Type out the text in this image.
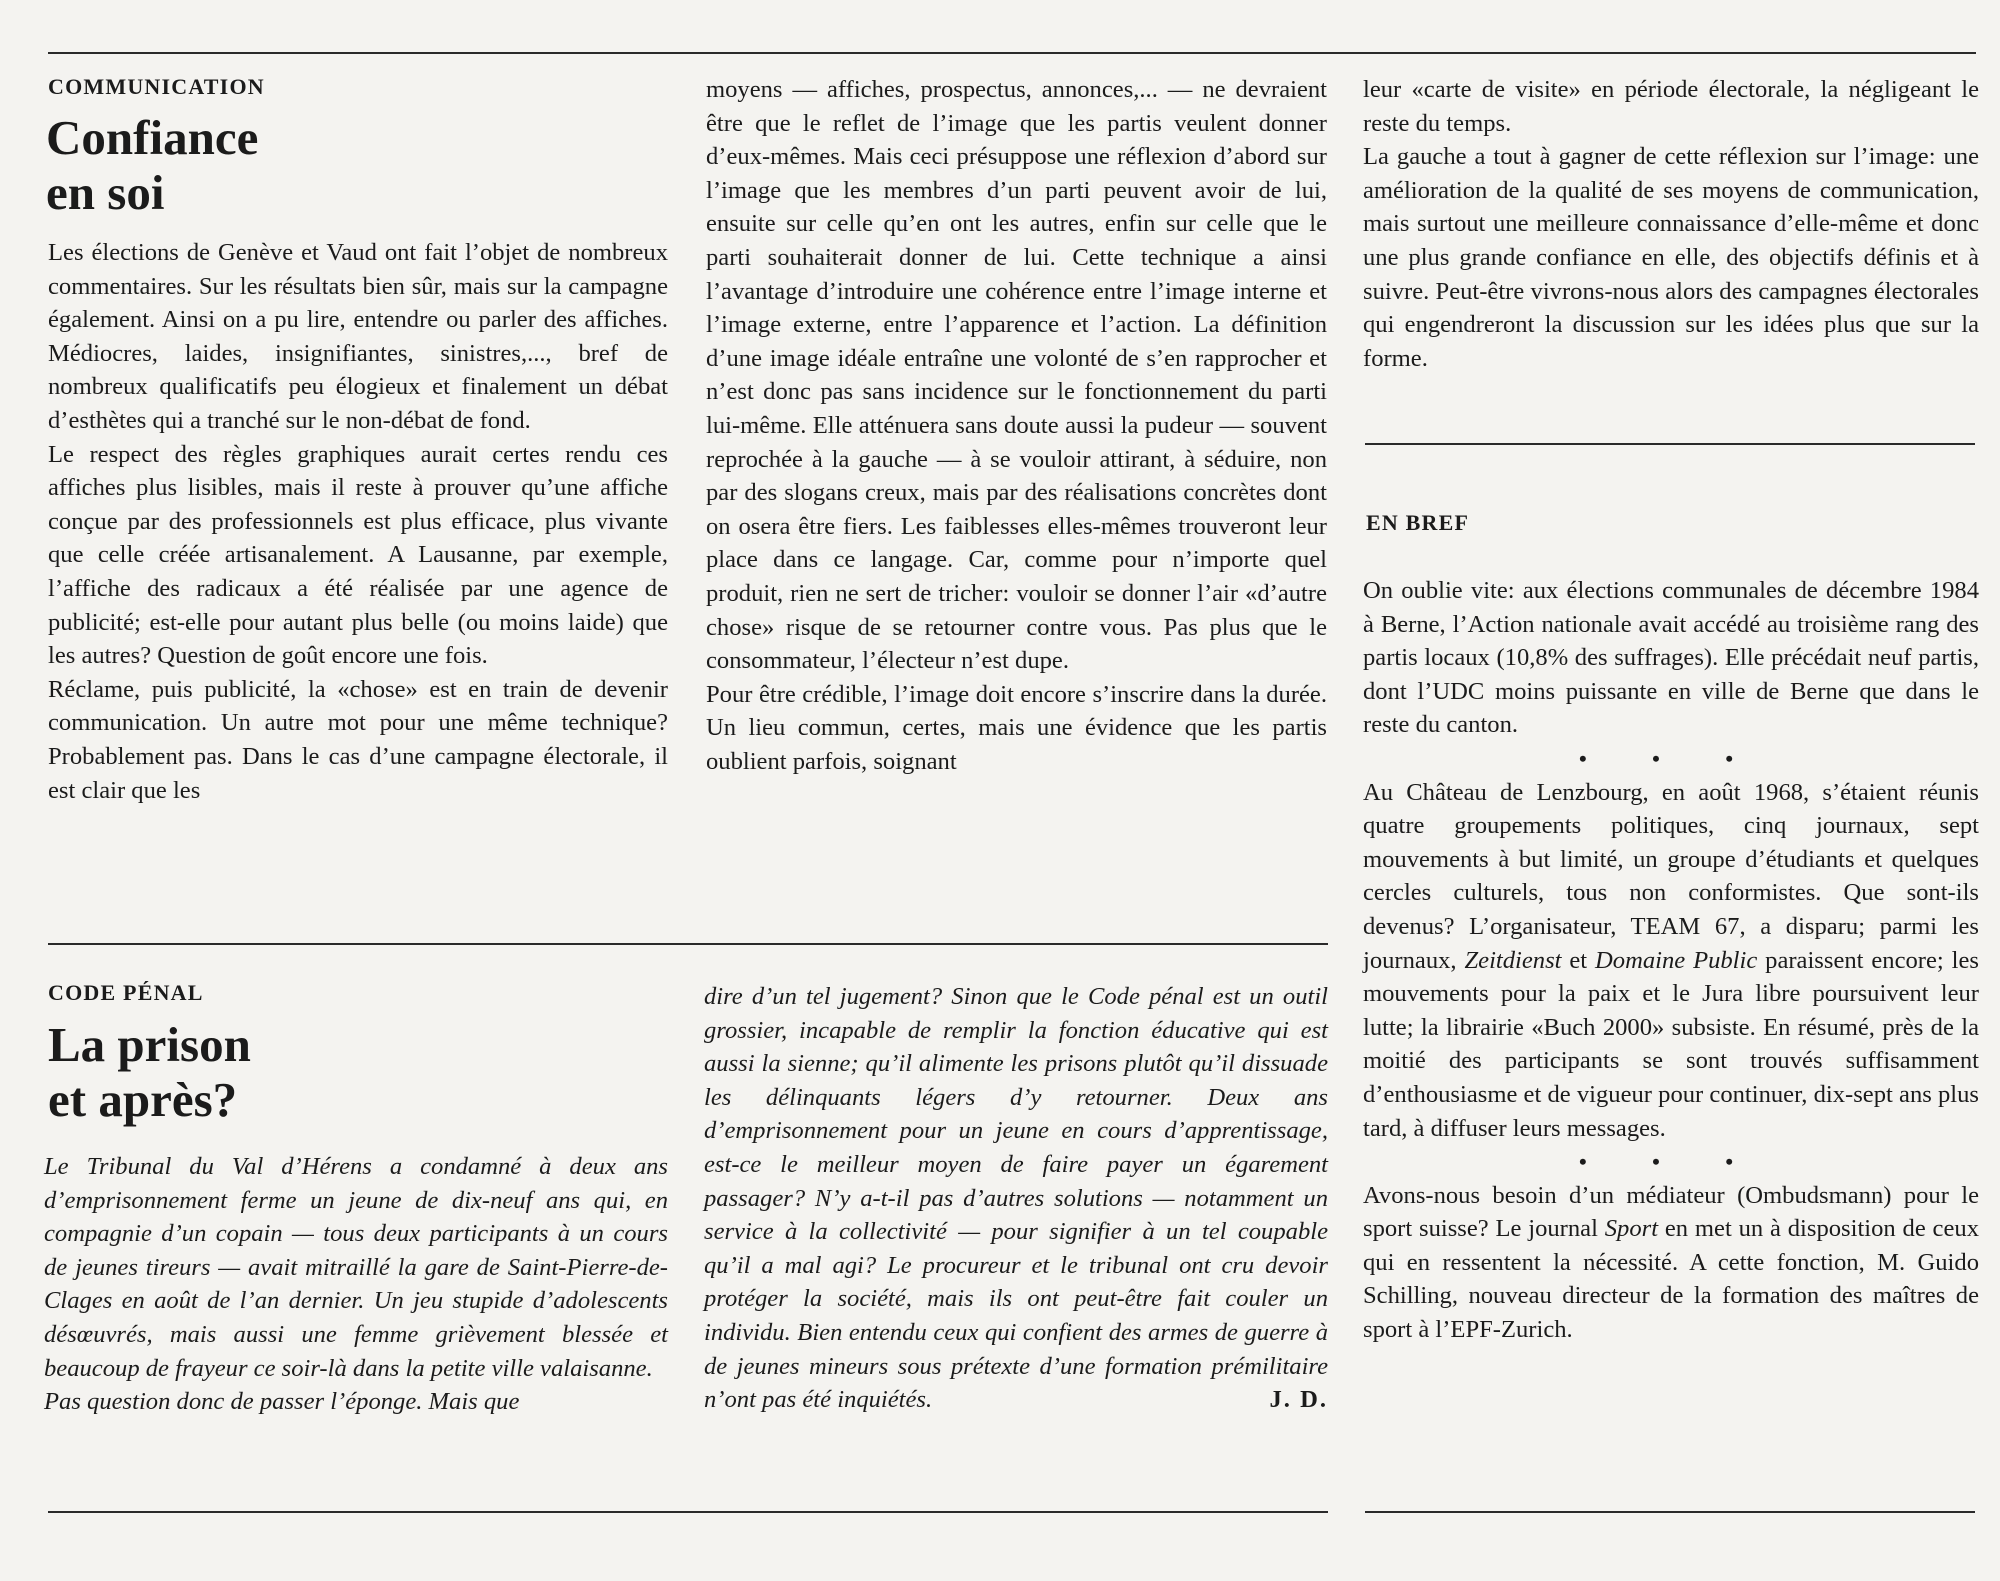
COMMUNICATION
Confiance
en soi

Les élections de Genève et Vaud ont fait l’objet de nombreux commentaires. Sur les résultats bien sûr, mais sur la campagne également. Ainsi on a pu lire, entendre ou parler des affiches. Médiocres, laides, insignifiantes, sinistres,..., bref de nombreux qualificatifs peu élogieux et finalement un débat d’esthètes qui a tranché sur le non-débat de fond.

Le respect des règles graphiques aurait certes rendu ces affiches plus lisibles, mais il reste à prouver qu’une affiche conçue par des professionnels est plus efficace, plus vivante que celle créée artisanalement. A Lausanne, par exemple, l’affiche des radicaux a été réalisée par une agence de publicité; est-elle pour autant plus belle (ou moins laide) que les autres? Question de goût encore une fois.

Réclame, puis publicité, la «chose» est en train de devenir communication. Un autre mot pour une même technique? Probablement pas. Dans le cas d’une campagne électorale, il est clair que les

moyens — affiches, prospectus, annonces,... — ne devraient être que le reflet de l’image que les partis veulent donner d’eux-mêmes. Mais ceci présuppose une réflexion d’abord sur l’image que les membres d’un parti peuvent avoir de lui, ensuite sur celle qu’en ont les autres, enfin sur celle que le parti souhaiterait donner de lui. Cette technique a ainsi l’avantage d’introduire une cohérence entre l’image interne et l’image externe, entre l’apparence et l’action. La définition d’une image idéale entraîne une volonté de s’en rapprocher et n’est donc pas sans incidence sur le fonctionnement du parti lui-même. Elle atténuera sans doute aussi la pudeur — souvent reprochée à la gauche — à se vouloir attirant, à séduire, non par des slogans creux, mais par des réalisations concrètes dont on osera être fiers. Les faiblesses elles-mêmes trouveront leur place dans ce langage. Car, comme pour n’importe quel produit, rien ne sert de tricher: vouloir se donner l’air «d’autre chose» risque de se retourner contre vous. Pas plus que le consommateur, l’électeur n’est dupe.

Pour être crédible, l’image doit encore s’inscrire dans la durée. Un lieu commun, certes, mais une évidence que les partis oublient parfois, soignant

leur «carte de visite» en période électorale, la négligeant le reste du temps.

La gauche a tout à gagner de cette réflexion sur l’image: une amélioration de la qualité de ses moyens de communication, mais surtout une meilleure connaissance d’elle-même et donc une plus grande confiance en elle, des objectifs définis et à suivre. Peut-être vivrons-nous alors des campagnes électorales qui engendreront la discussion sur les idées plus que sur la forme.

EN BREF

On oublie vite: aux élections communales de décembre 1984 à Berne, l’Action nationale avait accédé au troisième rang des partis locaux (10,8% des suffrages). Elle précédait neuf partis, dont l’UDC moins puissante en ville de Berne que dans le reste du canton.

• • •

Au Château de Lenzbourg, en août 1968, s’étaient réunis quatre groupements politiques, cinq journaux, sept mouvements à but limité, un groupe d’étudiants et quelques cercles culturels, tous non conformistes. Que sont-ils devenus? L’organisateur, TEAM 67, a disparu; parmi les journaux, Zeitdienst et Domaine Public paraissent encore; les mouvements pour la paix et le Jura libre poursuivent leur lutte; la librairie «Buch 2000» subsiste. En résumé, près de la moitié des participants se sont trouvés suffisamment d’enthousiasme et de vigueur pour continuer, dix-sept ans plus tard, à diffuser leurs messages.

• • •

Avons-nous besoin d’un médiateur (Ombudsmann) pour le sport suisse? Le journal Sport en met un à disposition de ceux qui en ressentent la nécessité. A cette fonction, M. Guido Schilling, nouveau directeur de la formation des maîtres de sport à l’EPF-Zurich.

CODE PÉNAL
La prison
et après?

Le Tribunal du Val d’Hérens a condamné à deux ans d’emprisonnement ferme un jeune de dix-neuf ans qui, en compagnie d’un copain — tous deux participants à un cours de jeunes tireurs — avait mitraillé la gare de Saint-Pierre-de-Clages en août de l’an dernier. Un jeu stupide d’adolescents désœuvrés, mais aussi une femme grièvement blessée et beaucoup de frayeur ce soir-là dans la petite ville valaisanne.

Pas question donc de passer l’éponge. Mais que

dire d’un tel jugement? Sinon que le Code pénal est un outil grossier, incapable de remplir la fonction éducative qui est aussi la sienne; qu’il alimente les prisons plutôt qu’il dissuade les délinquants légers d’y retourner. Deux ans d’emprisonnement pour un jeune en cours d’apprentissage, est-ce le meilleur moyen de faire payer un égarement passager? N’y a-t-il pas d’autres solutions — notamment un service à la collectivité — pour signifier à un tel coupable qu’il a mal agi? Le procureur et le tribunal ont cru devoir protéger la société, mais ils ont peut-être fait couler un individu. Bien entendu ceux qui confient des armes de guerre à de jeunes mineurs sous prétexte d’une formation prémilitaire n’ont pas été inquiétés.	J. D.
